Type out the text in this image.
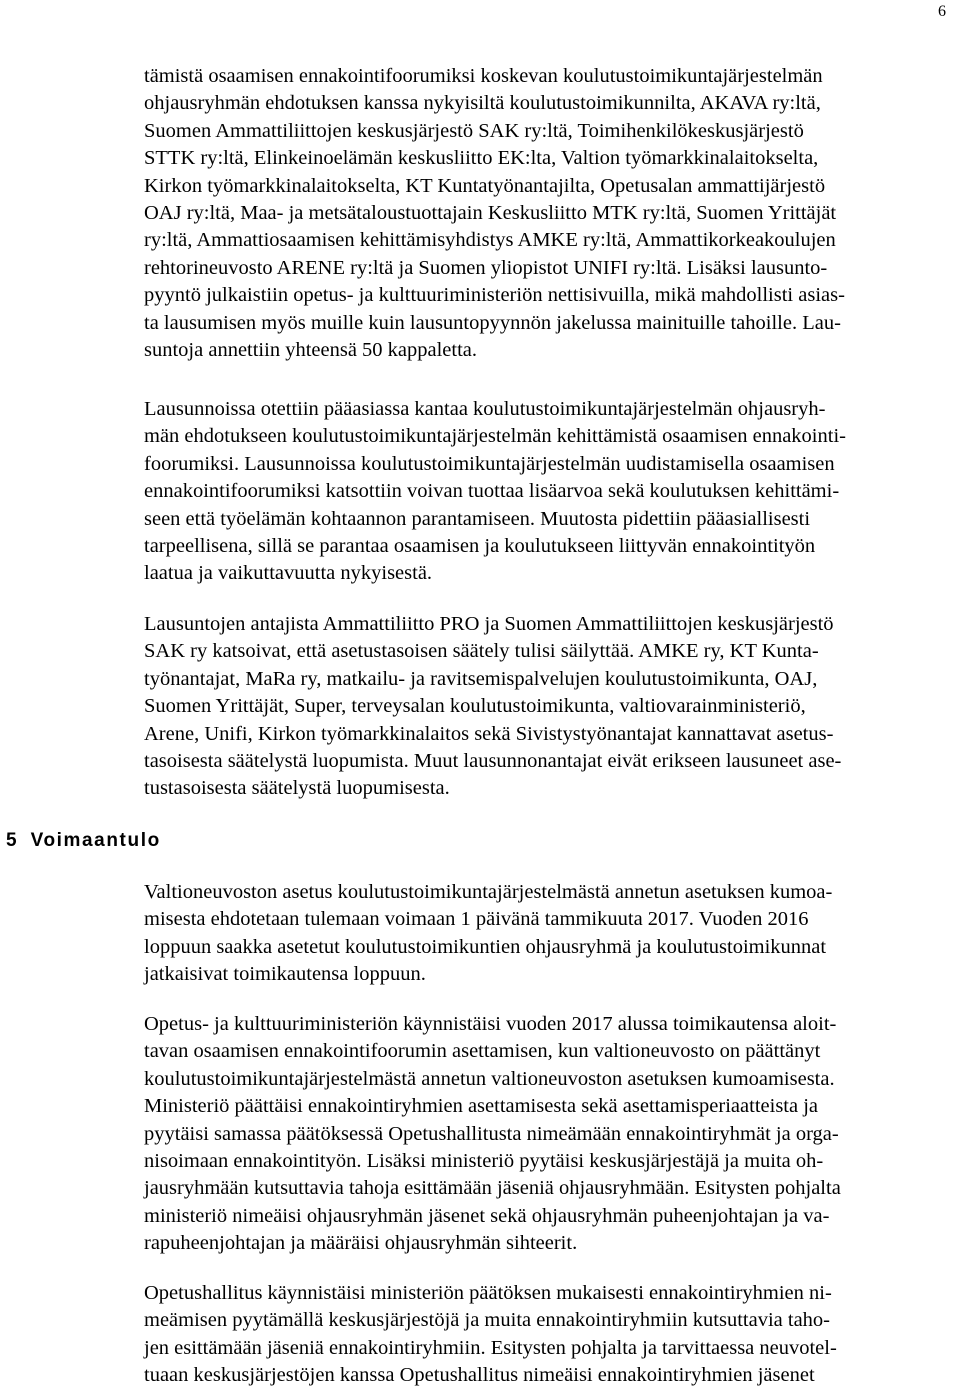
6

tämistä osaamisen ennakointifoorumiksi koskevan koulutustoimikuntajärjestelmän
ohjausryhmän ehdotuksen kanssa nykyisiltä koulutustoimikunnilta, AKAVA ry:ltä,
Suomen Ammattiliittojen keskusjärjestö SAK ry:ltä, Toimihenkilökeskusjärjestö
STTK ry:ltä, Elinkeinoelämän keskusliitto EK:lta, Valtion työmarkkinalaitokselta,
Kirkon työmarkkinalaitokselta, KT Kuntatyönantajilta, Opetusalan ammattijärjestö
OAJ ry:ltä, Maa- ja metsätaloustuottajain Keskusliitto MTK ry:ltä, Suomen Yrittäjät
ry:ltä, Ammattiosaamisen kehittämisyhdistys AMKE ry:ltä, Ammattikorkeakoulujen
rehtorineuvosto ARENE ry:ltä ja Suomen yliopistot UNIFI ry:ltä. Lisäksi lausunto-
pyyntö julkaistiin opetus- ja kulttuuriministeriön nettisivuilla, mikä mahdollisti asias-
ta lausumisen myös muille kuin lausuntopyynnön jakelussa mainituille tahoille. Lau-
suntoja annettiin yhteensä 50 kappaletta.

Lausunnoissa otettiin pääasiassa kantaa koulutustoimikuntajärjestelmän ohjausryh-
män ehdotukseen koulutustoimikuntajärjestelmän kehittämistä osaamisen ennakointi-
foorumiksi. Lausunnoissa koulutustoimikuntajärjestelmän uudistamisella osaamisen
ennakointifoorumiksi katsottiin voivan tuottaa lisäarvoa sekä koulutuksen kehittämi-
seen että työelämän kohtaannon parantamiseen. Muutosta pidettiin pääasiallisesti
tarpeellisena, sillä se parantaa osaamisen ja koulutukseen liittyvän ennakointityön
laatua ja vaikuttavuutta nykyisestä.

Lausuntojen antajista Ammattiliitto PRO ja Suomen Ammattiliittojen keskusjärjestö
SAK ry katsoivat, että asetustasoisen säätely tulisi säilyttää. AMKE ry, KT Kunta-
työnantajat, MaRa ry, matkailu- ja ravitsemispalvelujen koulutustoimikunta, OAJ,
Suomen Yrittäjät, Super, terveysalan koulutustoimikunta, valtiovarainministeriö,
Arene, Unifi, Kirkon työmarkkinalaitos sekä Sivistystyönantajat kannattavat asetus-
tasoisesta säätelystä luopumista. Muut lausunnonantajat eivät erikseen lausuneet ase-
tustasoisesta säätelystä luopumisesta.

5 Voimaantulo

Valtioneuvoston asetus koulutustoimikuntajärjestelmästä annetun asetuksen kumoa-
misesta ehdotetaan tulemaan voimaan 1 päivänä tammikuuta 2017. Vuoden 2016
loppuun saakka asetetut koulutustoimikuntien ohjausryhmä ja koulutustoimikunnat
jatkaisivat toimikautensa loppuun.

Opetus- ja kulttuuriministeriön käynnistäisi vuoden 2017 alussa toimikautensa aloit-
tavan osaamisen ennakointifoorumin asettamisen, kun valtioneuvosto on päättänyt
koulutustoimikuntajärjestelmästä annetun valtioneuvoston asetuksen kumoamisesta.
Ministeriö päättäisi ennakointiryhmien asettamisesta sekä asettamisperiaatteista ja
pyytäisi samassa päätöksessä Opetushallitusta nimeämään ennakointiryhmät ja orga-
nisoimaan ennakointityön. Lisäksi ministeriö pyytäisi keskusjärjestäjä ja muita oh-
jausryhmään kutsuttavia tahoja esittämään jäseniä ohjausryhmään. Esitysten pohjalta
ministeriö nimeäisi ohjausryhmän jäsenet sekä ohjausryhmän puheenjohtajan ja va-
rapuheenjohtajan ja määräisi ohjausryhmän sihteerit.

Opetushallitus käynnistäisi ministeriön päätöksen mukaisesti ennakointiryhmien ni-
meämisen pyytämällä keskusjärjestöjä ja muita ennakointiryhmiin kutsuttavia taho-
jen esittämään jäseniä ennakointiryhmiin. Esitysten pohjalta ja tarvittaessa neuvotel-
tuaan keskusjärjestöjen kanssa Opetushallitus nimeäisi ennakointiryhmien jäsenet
